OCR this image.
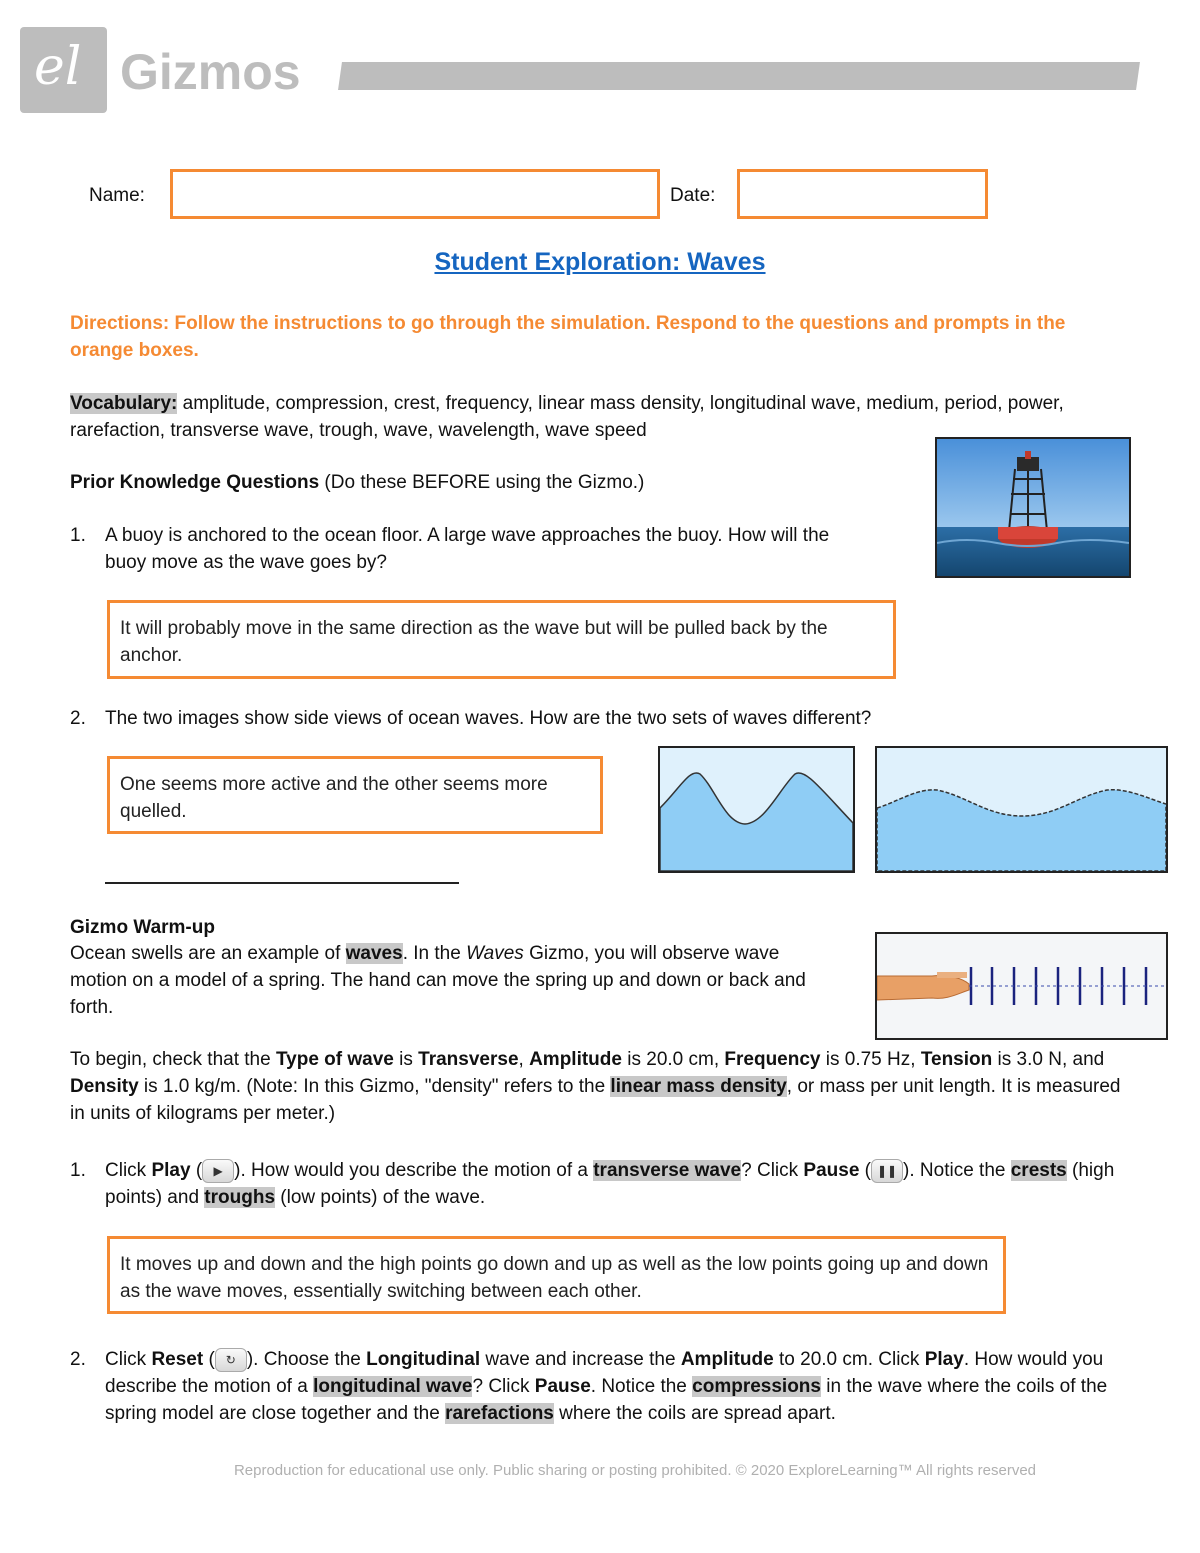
el Gizmos
Name:	Date:
Student Exploration: Waves
Directions: Follow the instructions to go through the simulation. Respond to the questions and prompts in the orange boxes.
Vocabulary: amplitude, compression, crest, frequency, linear mass density, longitudinal wave, medium, period, power, rarefaction, transverse wave, trough, wave, wavelength, wave speed
Prior Knowledge Questions (Do these BEFORE using the Gizmo.)
1. A buoy is anchored to the ocean floor. A large wave approaches the buoy. How will the buoy move as the wave goes by?
It will probably move in the same direction as the wave but will be pulled back by the anchor.
2. The two images show side views of ocean waves. How are the two sets of waves different?
One seems more active and the other seems more quelled.
Gizmo Warm-up
Ocean swells are an example of waves. In the Waves Gizmo, you will observe wave motion on a model of a spring. The hand can move the spring up and down or back and forth.
To begin, check that the Type of wave is Transverse, Amplitude is 20.0 cm, Frequency is 0.75 Hz, Tension is 3.0 N, and Density is 1.0 kg/m. (Note: In this Gizmo, "density" refers to the linear mass density, or mass per unit length. It is measured in units of kilograms per meter.)
1. Click Play ( ▶ ). How would you describe the motion of a transverse wave? Click Pause ( ❚❚ ). Notice the crests (high points) and troughs (low points) of the wave.
It moves up and down and the high points go down and up as well as the low points going up and down as the wave moves, essentially switching between each other.
2. Click Reset ( ↻ ). Choose the Longitudinal wave and increase the Amplitude to 20.0 cm. Click Play. How would you describe the motion of a longitudinal wave? Click Pause. Notice the compressions in the wave where the coils of the spring model are close together and the rarefactions where the coils are spread apart.
Reproduction for educational use only. Public sharing or posting prohibited. © 2020 ExploreLearning™ All rights reserved
